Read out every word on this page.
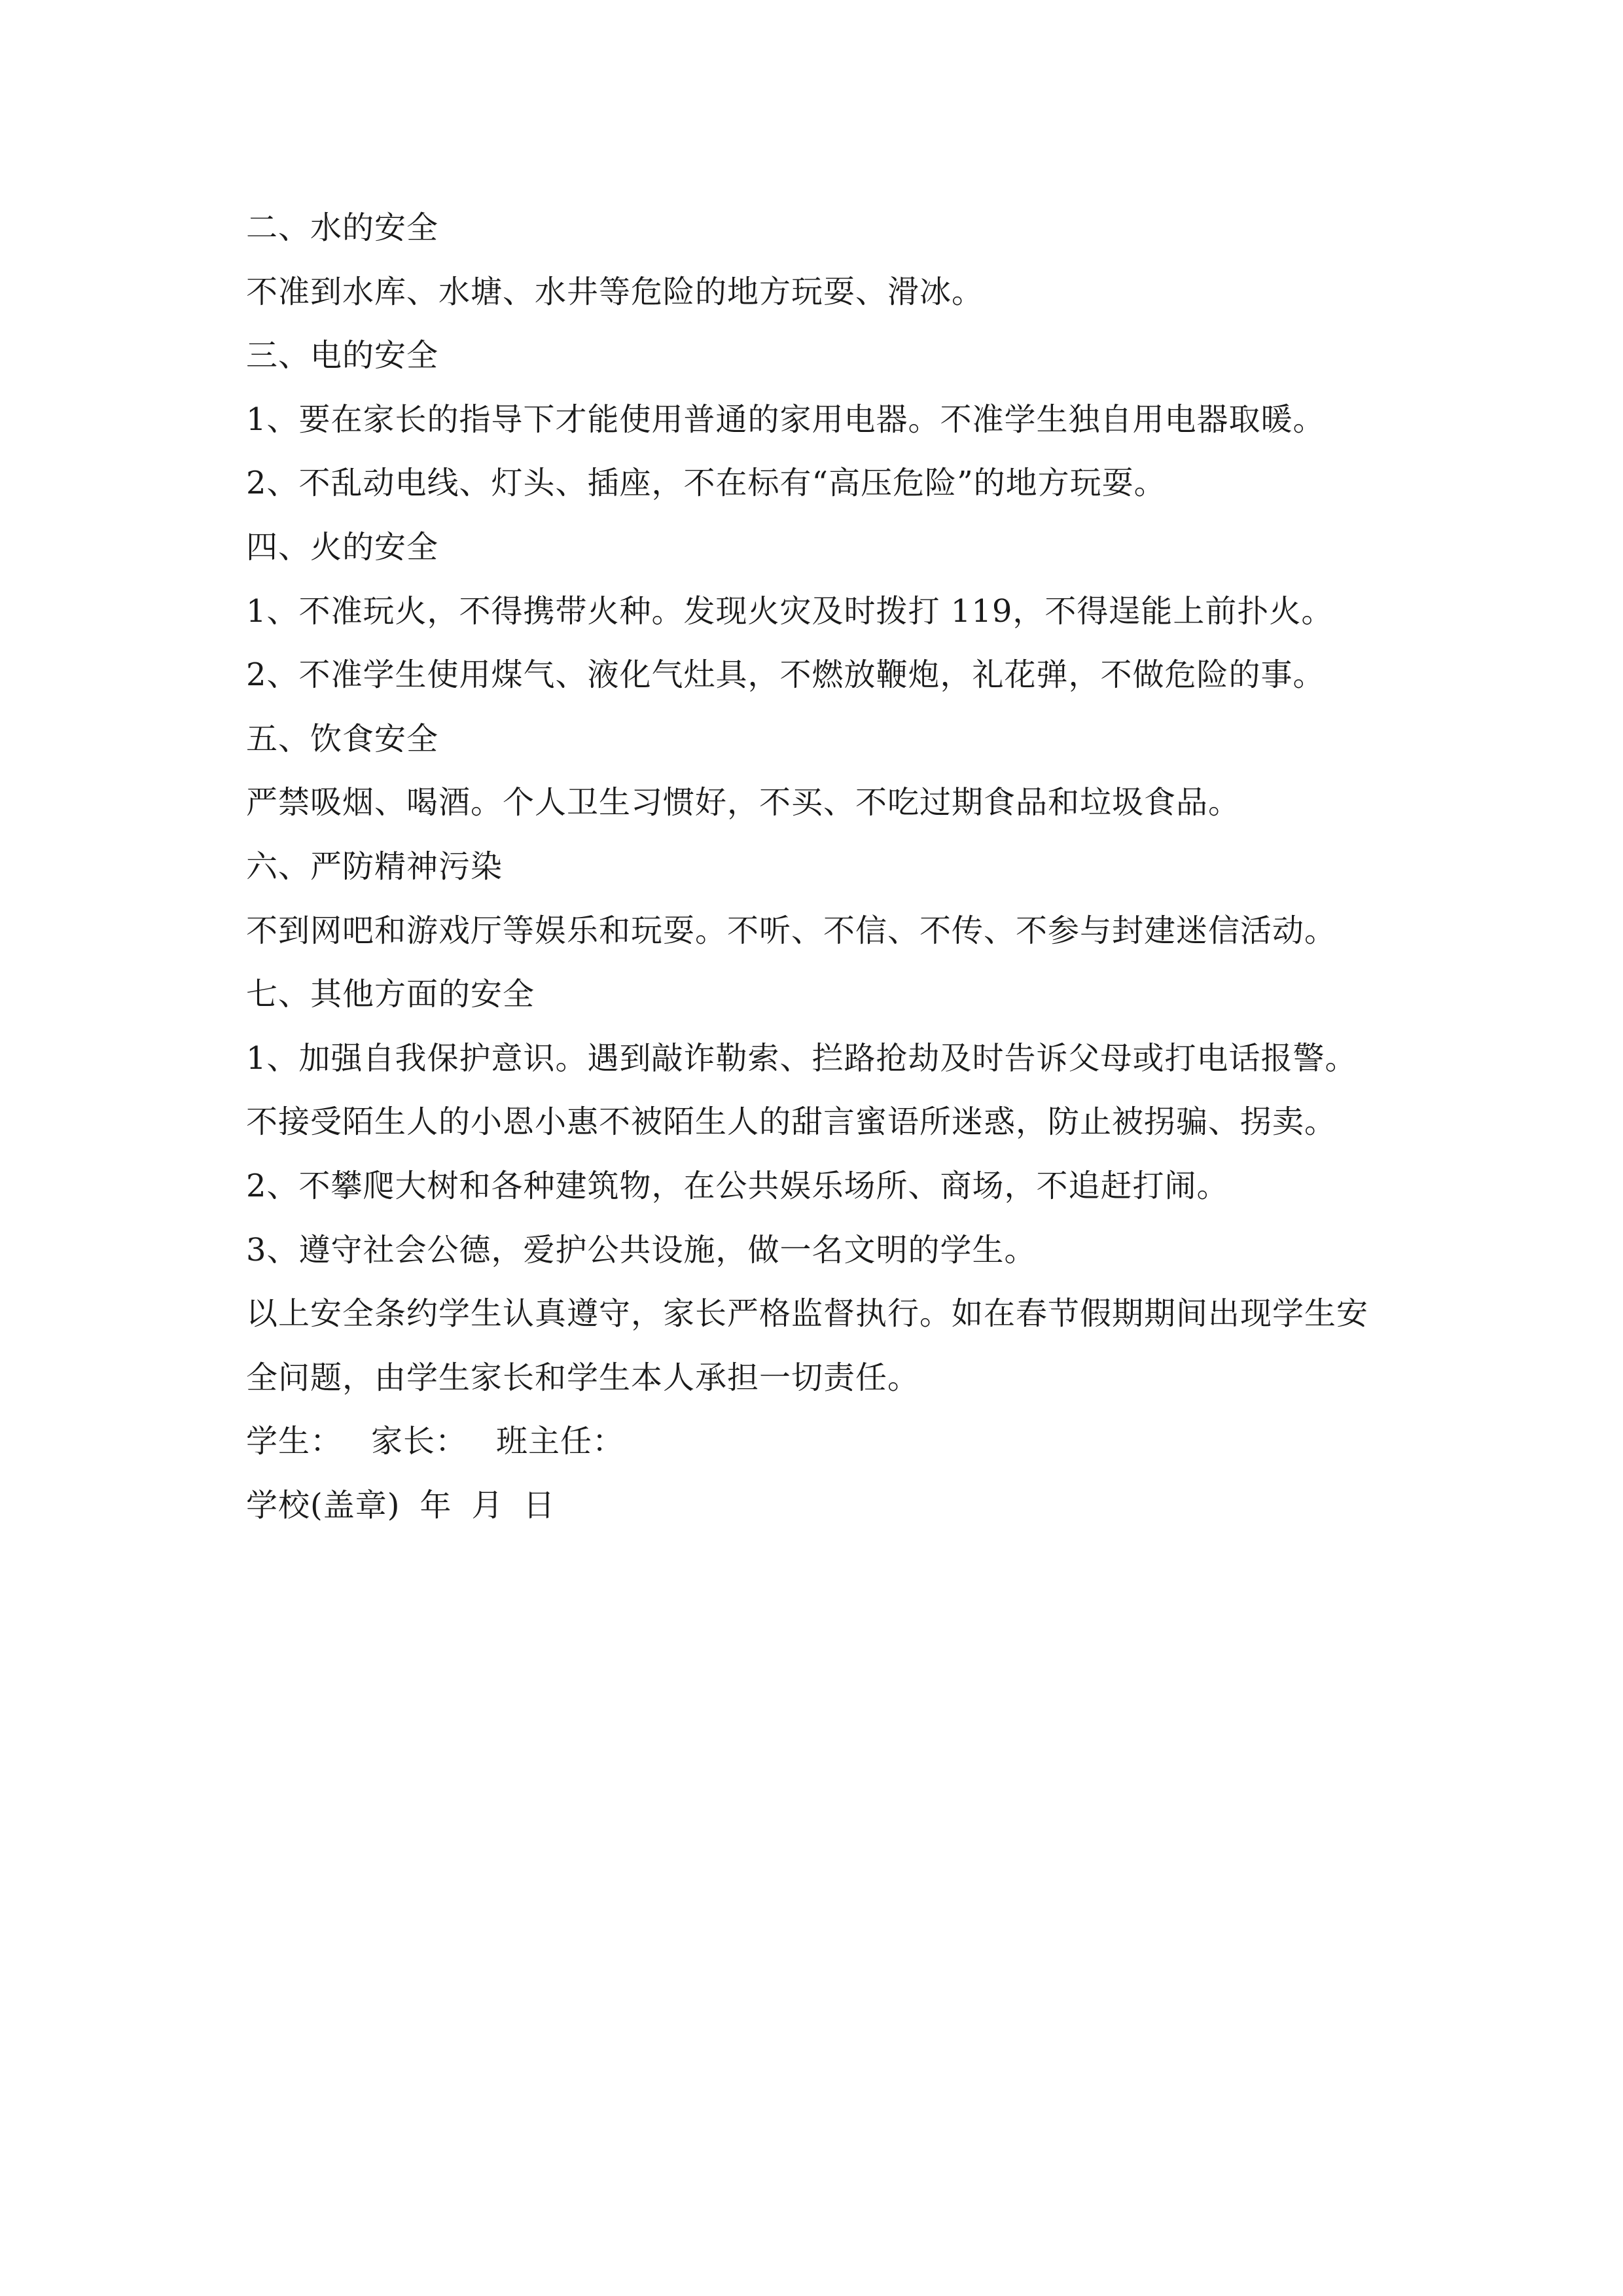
二、水的安全

不准到水库、水塘、水井等危险的地方玩耍、滑冰。

三、电的安全

1、要在家长的指导下才能使用普通的家用电器。不准学生独自用电器取暖。

2、不乱动电线、灯头、插座，不在标有“高压危险”的地方玩耍。

四、火的安全

1、不准玩火，不得携带火种。发现火灾及时拨打 119，不得逞能上前扑火。

2、不准学生使用煤气、液化气灶具，不燃放鞭炮，礼花弹，不做危险的事。

五、饮食安全

严禁吸烟、喝酒。个人卫生习惯好，不买、不吃过期食品和垃圾食品。

六、严防精神污染

不到网吧和游戏厅等娱乐和玩耍。不听、不信、不传、不参与封建迷信活动。

七、其他方面的安全

1、加强自我保护意识。遇到敲诈勒索、拦路抢劫及时告诉父母或打电话报警。

不接受陌生人的小恩小惠不被陌生人的甜言蜜语所迷惑，防止被拐骗、拐卖。

2、不攀爬大树和各种建筑物，在公共娱乐场所、商场，不追赶打闹。

3、遵守社会公德，爱护公共设施，做一名文明的学生。

以上安全条约学生认真遵守，家长严格监督执行。如在春节假期期间出现学生安

全问题，由学生家长和学生本人承担一切责任。

学生： 家长： 班主任：

学校(盖章) 年 月 日
